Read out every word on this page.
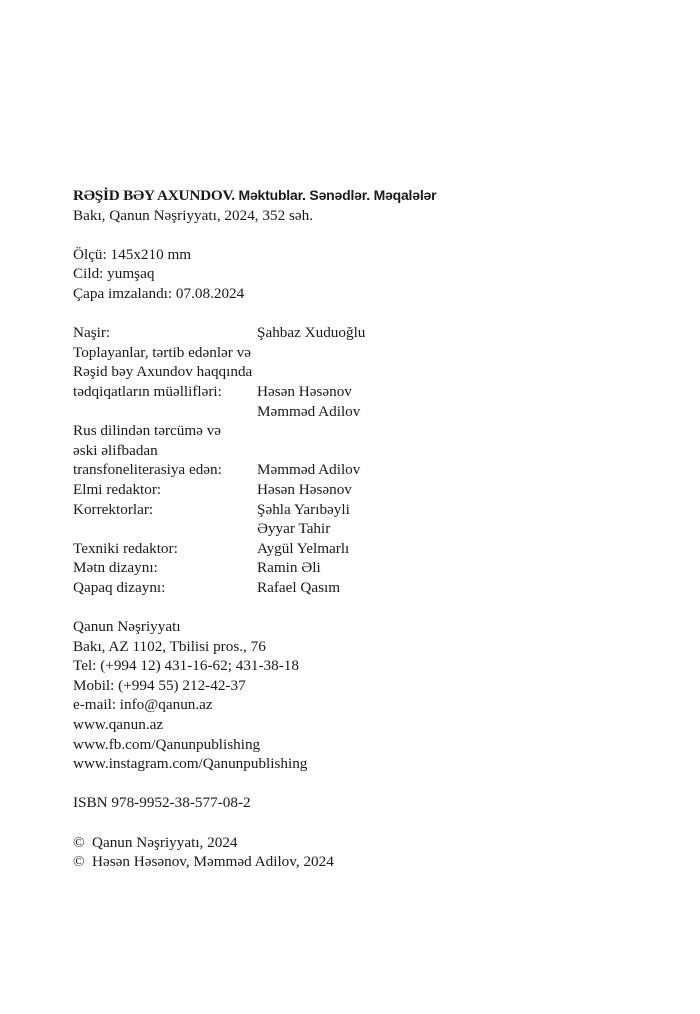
RƏŞİD BƏY AXUNDOV. Məktublar. Sənədlər. Məqalələr
Bakı, Qanun Nəşriyyatı, 2024, 352 səh.
Ölçü: 145x210 mm
Cild: yumşaq
Çapa imzalandı: 07.08.2024
Naşir:	Şahbaz Xuduoğlu
Toplayanlar, tərtib edənlər və
Rəşid bəy Axundov haqqında
tədqiqatların müəllifləri:	Həsən Həsənov
Məmməd Adilov
Rus dilindən tərcümə və
əski əlifbadan
transfoneliterasiya edən:	Məmməd Adilov
Elmi redaktor:	Həsən Həsənov
Korrektorlar:	Şəhla Yarıbəyli
Əyyar Tahir
Texniki redaktor:	Aygül Yelmarlı
Mətn dizaynı:	Ramin Əli
Qapaq dizaynı:	Rafael Qasım
Qanun Nəşriyyatı
Bakı, AZ 1102, Tbilisi pros., 76
Tel: (+994 12) 431-16-62; 431-38-18
Mobil: (+994 55) 212-42-37
e-mail: info@qanun.az
www.qanun.az
www.fb.com/Qanunpublishing
www.instagram.com/Qanunpublishing
ISBN 978-9952-38-577-08-2
© Qanun Nəşriyyatı, 2024
© Həsən Həsənov, Məmməd Adilov, 2024
